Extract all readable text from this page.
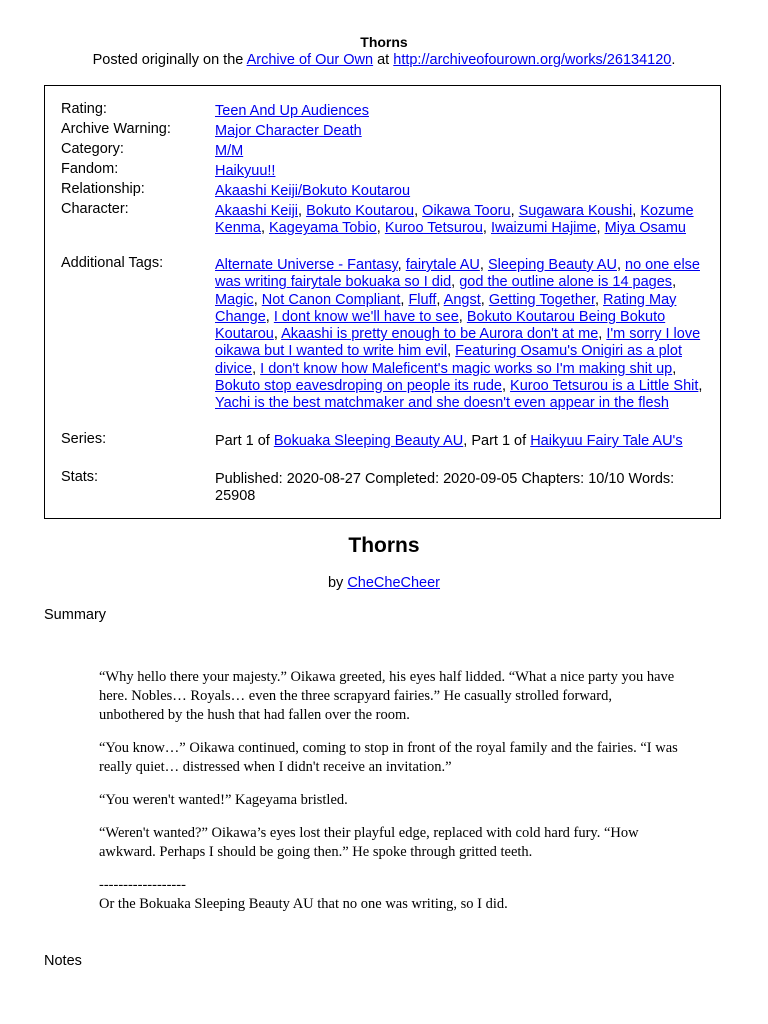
Thorns
Posted originally on the Archive of Our Own at http://archiveofourown.org/works/26134120.
Rating:	Teen And Up Audiences
Archive Warning:	Major Character Death
Category:	M/M
Fandom:	Haikyuu!!
Relationship:	Akaashi Keiji/Bokuto Koutarou
Character:	Akaashi Keiji, Bokuto Koutarou, Oikawa Tooru, Sugawara Koushi, Kozume Kenma, Kageyama Tobio, Kuroo Tetsurou, Iwaizumi Hajime, Miya Osamu
Additional Tags:	Alternate Universe - Fantasy, fairytale AU, Sleeping Beauty AU, no one else was writing fairytale bokuaka so I did, god the outline alone is 14 pages, Magic, Not Canon Compliant, Fluff, Angst, Getting Together, Rating May Change, I dont know we'll have to see, Bokuto Koutarou Being Bokuto Koutarou, Akaashi is pretty enough to be Aurora don't at me, I'm sorry I love oikawa but I wanted to write him evil, Featuring Osamu's Onigiri as a plot divice, I don't know how Maleficent's magic works so I'm making shit up, Bokuto stop eavesdroping on people its rude, Kuroo Tetsurou is a Little Shit, Yachi is the best matchmaker and she doesn't even appear in the flesh
Series:	Part 1 of Bokuaka Sleeping Beauty AU, Part 1 of Haikyuu Fairy Tale AU's
Stats:	Published: 2020-08-27 Completed: 2020-09-05 Chapters: 10/10 Words: 25908
Thorns
by CheCheCheer
Summary

“Why hello there your majesty.” Oikawa greeted, his eyes half lidded. “What a nice party you have here. Nobles… Royals… even the three scrapyard fairies.” He casually strolled forward, unbothered by the hush that had fallen over the room.

“You know…” Oikawa continued, coming to stop in front of the royal family and the fairies. “I was really quiet… distressed when I didn't receive an invitation.”

“You weren't wanted!” Kageyama bristled.

“Weren't wanted?” Oikawa’s eyes lost their playful edge, replaced with cold hard fury. “How awkward. Perhaps I should be going then.” He spoke through gritted teeth.

------------------
Or the Bokuaka Sleeping Beauty AU that no one was writing, so I did.

Notes
